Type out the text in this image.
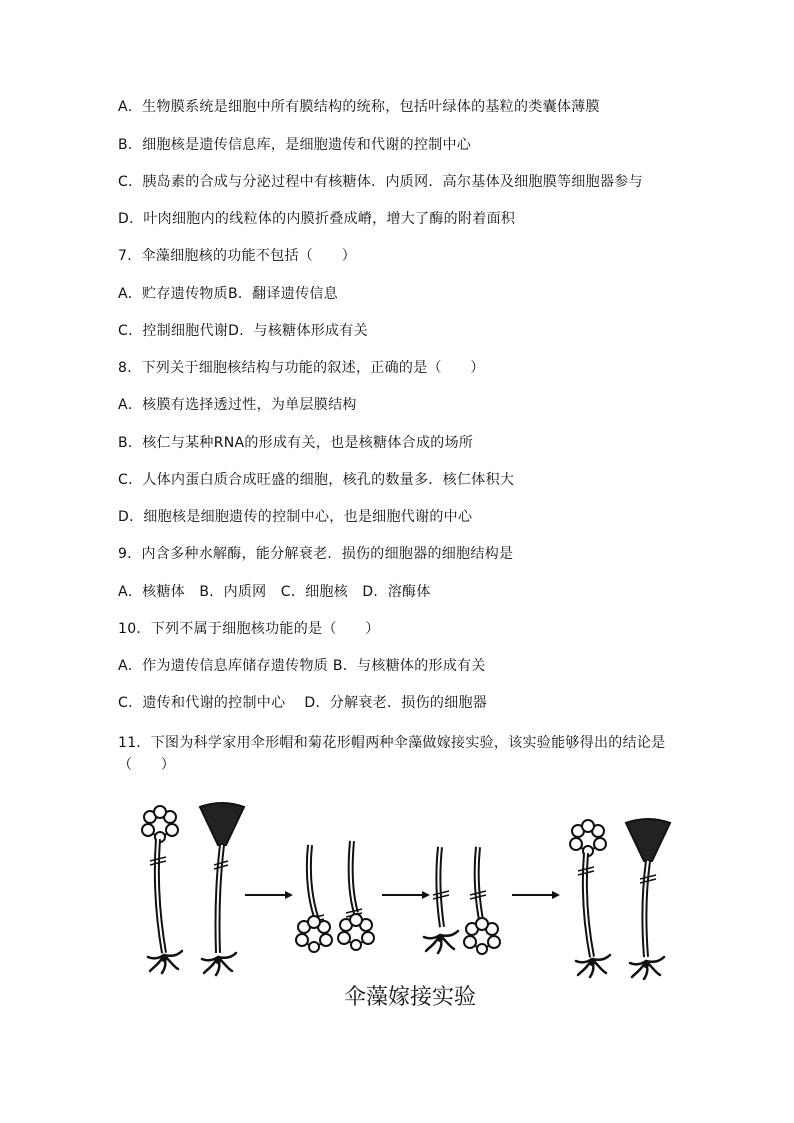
A．生物膜系统是细胞中所有膜结构的统称，包括叶绿体的基粒的类囊体薄膜
B．细胞核是遗传信息库，是细胞遗传和代谢的控制中心
C．胰岛素的合成与分泌过程中有核糖体．内质网．高尔基体及细胞膜等细胞器参与
D．叶肉细胞内的线粒体的内膜折叠成嵴，增大了酶的附着面积
7．伞藻细胞核的功能不包括（　　）
A．贮存遗传物质B．翻译遗传信息
C．控制细胞代谢D．与核糖体形成有关
8．下列关于细胞核结构与功能的叙述，正确的是（　　）
A．核膜有选择透过性，为单层膜结构
B．核仁与某种RNA的形成有关，也是核糖体合成的场所
C．人体内蛋白质合成旺盛的细胞，核孔的数量多．核仁体积大
D．细胞核是细胞遗传的控制中心，也是细胞代谢的中心
9．内含多种水解酶，能分解衰老．损伤的细胞器的细胞结构是
A．核糖体　B．内质网　C．细胞核　D．溶酶体
10．下列不属于细胞核功能的是（　　）
A．作为遗传信息库储存遗传物质 B．与核糖体的形成有关
C．遗传和代谢的控制中心　 D．分解衰老．损伤的细胞器
11．下图为科学家用伞形帽和菊花形帽两种伞藻做嫁接实验，该实验能够得出的结论是（　　）
伞藻嫁接实验
